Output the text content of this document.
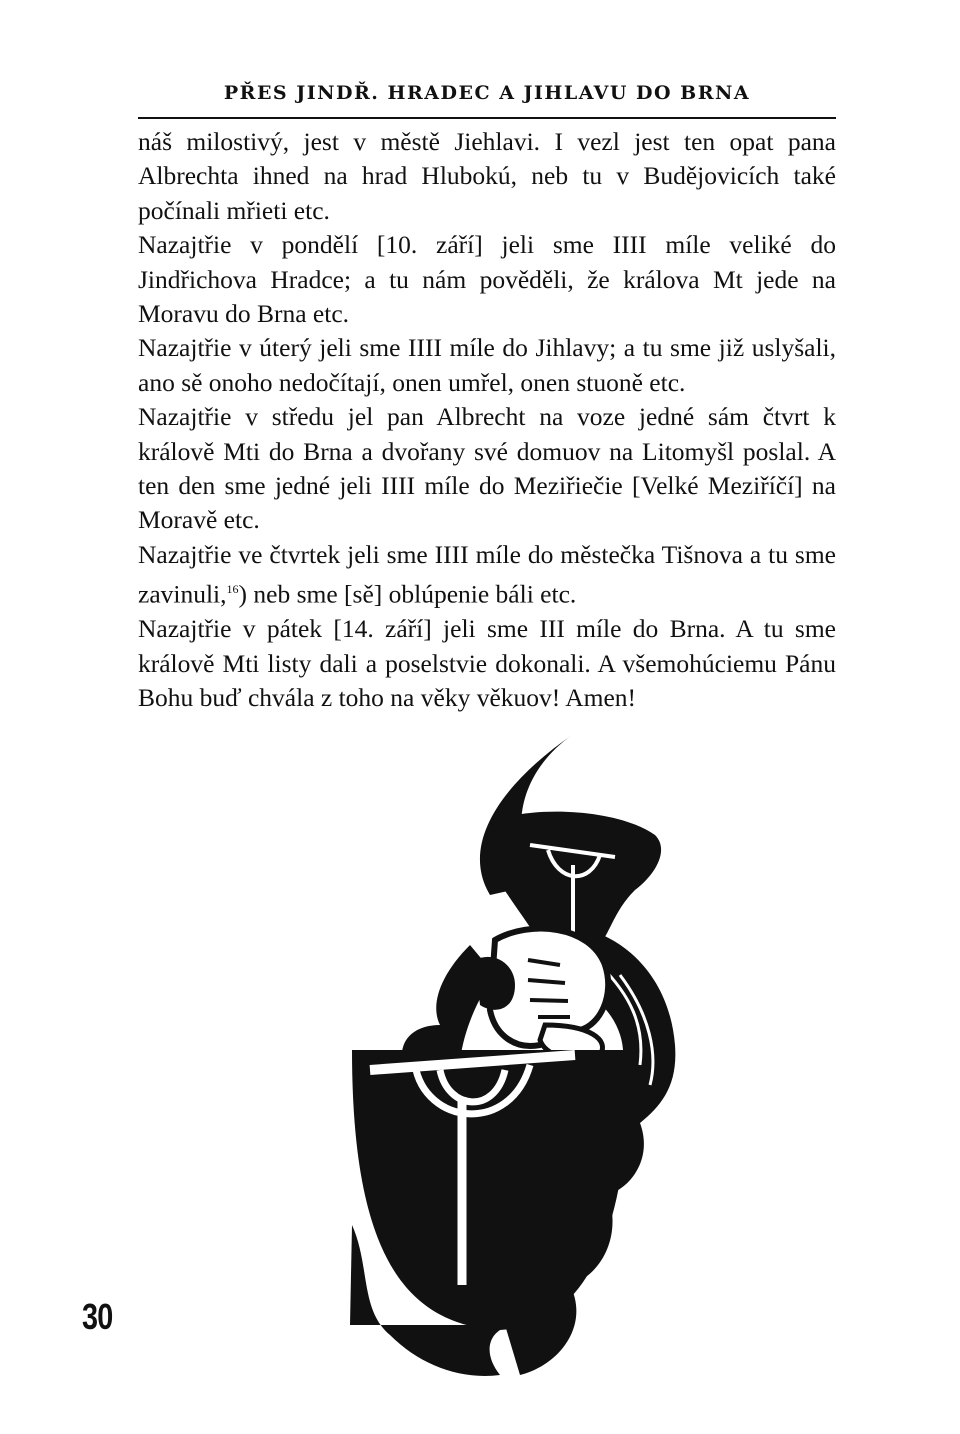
PŘES JINDŘ. HRADEC A JIHLAVU DO BRNA

náš milostivý, jest v městě Jiehlavi. I vezl jest ten opat pana Albrechta ihned na hrad Hlubokú, neb tu v Budějovicích také počínali mřieti etc.

Nazajtřie v pondělí [10. září] jeli sme IIII míle veliké do Jindřichova Hradce; a tu nám pověděli, že králova Mt jede na Moravu do Brna etc.

Nazajtřie v úterý jeli sme IIII míle do Jihlavy; a tu sme již uslyšali, ano sě onoho nedočítají, onen umřel, onen stuoně etc.

Nazajtřie v středu jel pan Albrecht na voze jedné sám čtvrt k králově Mti do Brna a dvořany své domuov na Litomyšl poslal. A ten den sme jedné jeli IIII míle do Meziřiečie [Velké Meziříčí] na Moravě etc.

Nazajtřie ve čtvrtek jeli sme IIII míle do městečka Tišnova a tu sme zavinuli,$^{16}$) neb sme [sě] oblúpenie báli etc.

Nazajtřie v pátek [14. září] jeli sme III míle do Brna. A tu sme králově Mti listy dali a poselstvie dokonali. A všemohúciemu Pánu Bohu buď chvála z toho na věky věkuov! Amen!

30
